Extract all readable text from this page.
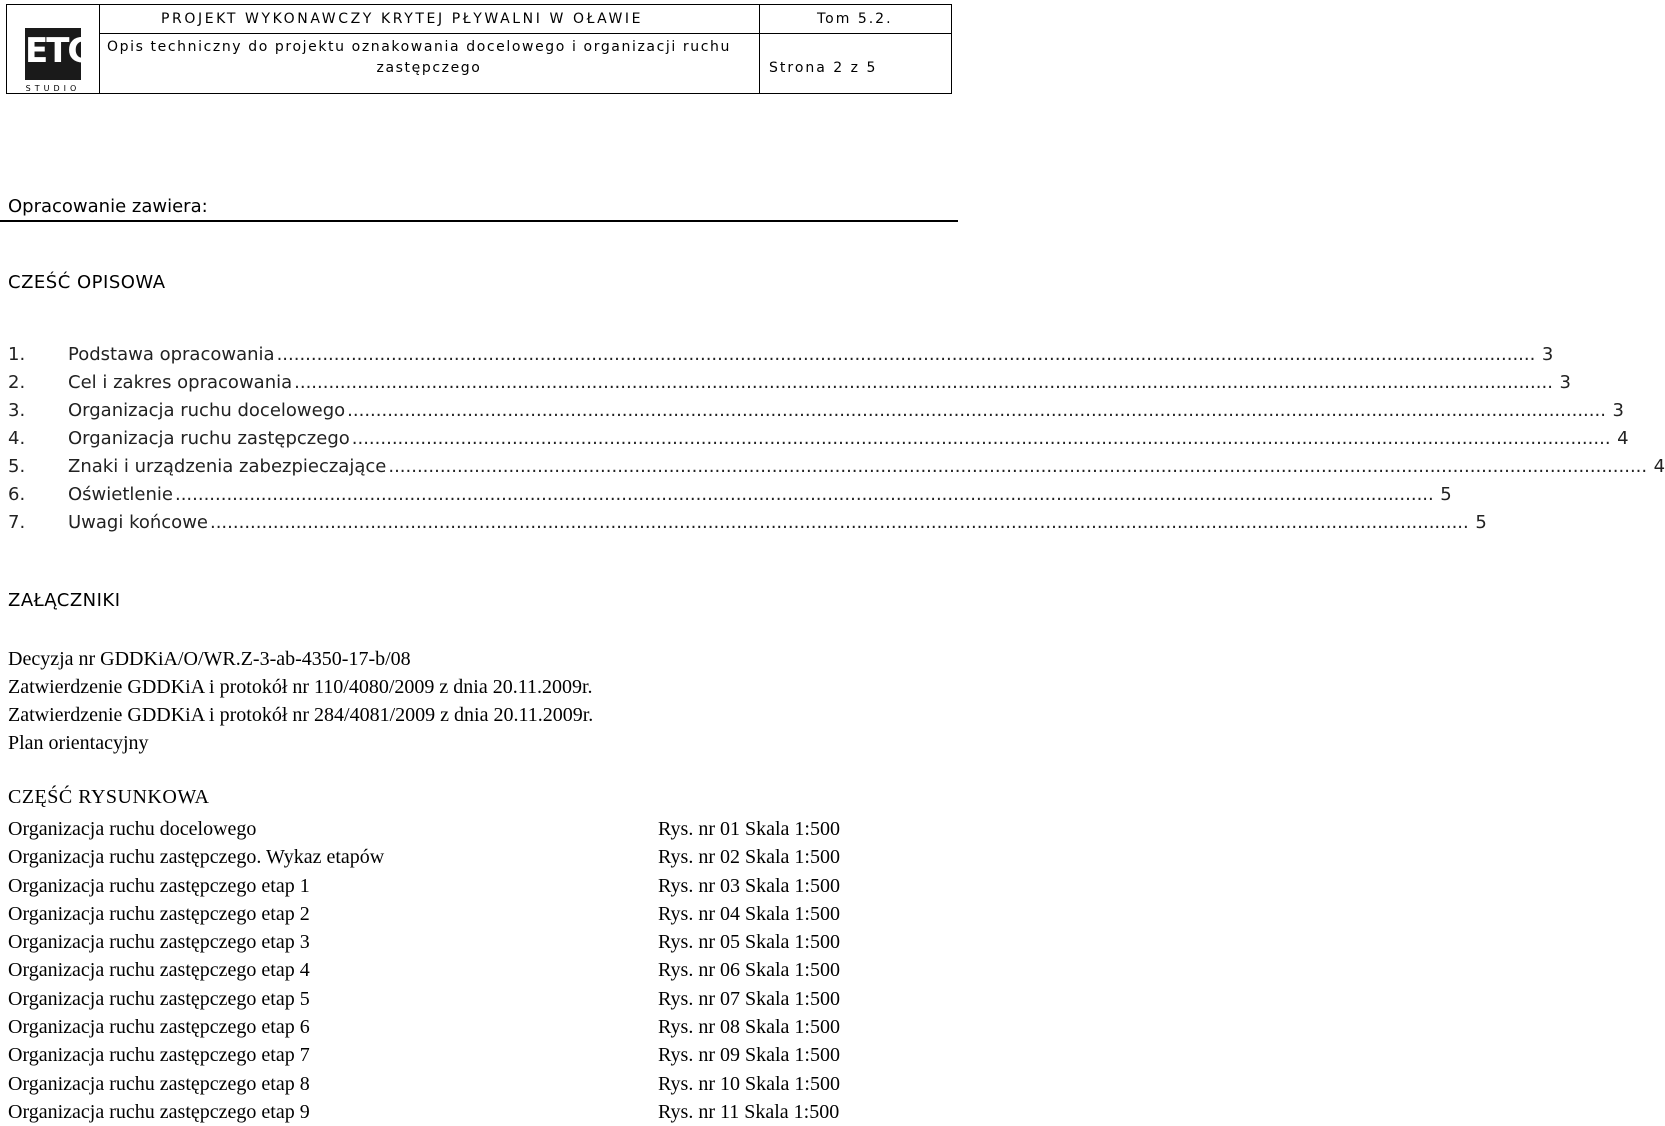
ETC
STUDIO
PROJEKT WYKONAWCZY KRYTEJ PŁYWALNI W OŁAWIE	Tom 5.2.
Opis techniczny do projektu oznakowania docelowego i organizacji ruchu
zastępczego	Strona 2 z 5
Opracowanie zawiera:
CZEŚĆ OPISOWA
1.	Podstawa opracowania ............................................................................................................................................................................................................................ 3
2.	Cel i zakres opracowania ............................................................................................................................................................................................................................ 3
3.	Organizacja ruchu docelowego ............................................................................................................................................................................................................................ 3
4.	Organizacja ruchu zastępczego ............................................................................................................................................................................................................................ 4
5.	Znaki i urządzenia zabezpieczające ............................................................................................................................................................................................................................ 4
6.	Oświetlenie ............................................................................................................................................................................................................................ 5
7.	Uwagi końcowe ............................................................................................................................................................................................................................ 5
ZAŁĄCZNIKI
Decyzja nr GDDKiA/O/WR.Z-3-ab-4350-17-b/08
Zatwierdzenie GDDKiA i protokół nr 110/4080/2009 z dnia 20.11.2009r.
Zatwierdzenie GDDKiA i protokół nr 284/4081/2009 z dnia 20.11.2009r.
Plan orientacyjny
CZĘŚĆ RYSUNKOWA
Organizacja ruchu docelowego	Rys. nr 01 Skala 1:500
Organizacja ruchu zastępczego. Wykaz etapów	Rys. nr 02 Skala 1:500
Organizacja ruchu zastępczego etap 1	Rys. nr 03 Skala 1:500
Organizacja ruchu zastępczego etap 2	Rys. nr 04 Skala 1:500
Organizacja ruchu zastępczego etap 3	Rys. nr 05 Skala 1:500
Organizacja ruchu zastępczego etap 4	Rys. nr 06 Skala 1:500
Organizacja ruchu zastępczego etap 5	Rys. nr 07 Skala 1:500
Organizacja ruchu zastępczego etap 6	Rys. nr 08 Skala 1:500
Organizacja ruchu zastępczego etap 7	Rys. nr 09 Skala 1:500
Organizacja ruchu zastępczego etap 8	Rys. nr 10 Skala 1:500
Organizacja ruchu zastępczego etap 9	Rys. nr 11 Skala 1:500
